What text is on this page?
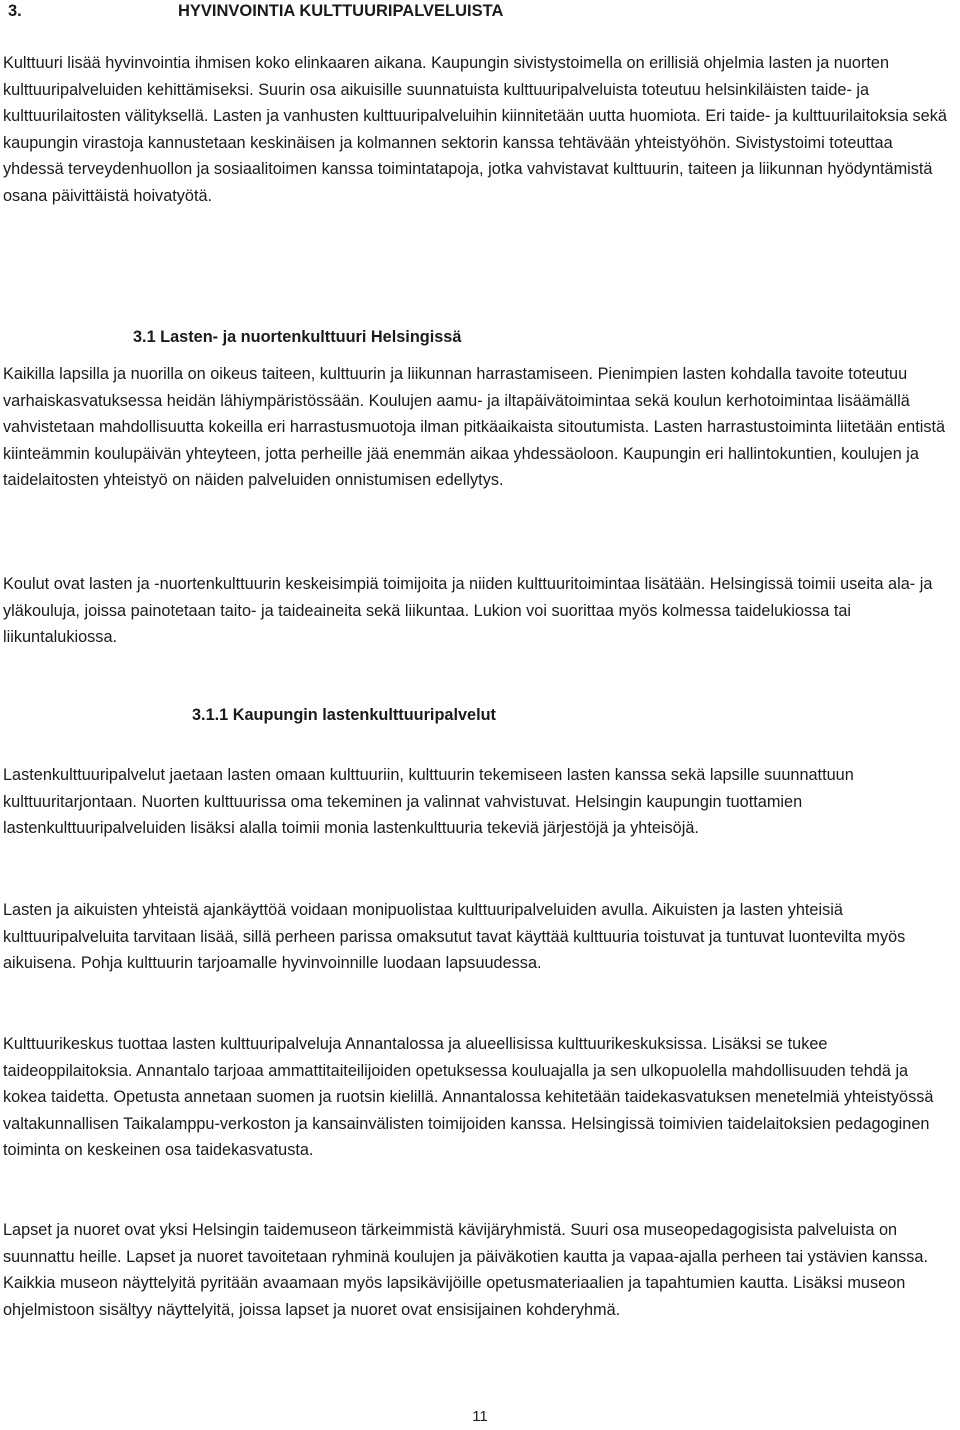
3.	HYVINVOINTIA KULTTUURIPALVELUISTA

Kulttuuri lisää hyvinvointia ihmisen koko elinkaaren aikana. Kaupungin sivistystoimella on erillisiä ohjelmia lasten ja nuorten kulttuuripalveluiden kehittämiseksi. Suurin osa aikuisille suunnatuista kulttuuripalveluista toteutuu helsinkiläisten taide- ja kulttuurilaitosten välityksellä. Lasten ja vanhusten kulttuuripalveluihin kiinnitetään uutta huomiota. Eri taide- ja kulttuurilaitoksia sekä kaupungin virastoja kannustetaan keskinäisen ja kolmannen sektorin kanssa tehtävään yhteistyöhön. Sivistystoimi toteuttaa yhdessä terveydenhuollon ja sosiaalitoimen kanssa toimintatapoja, jotka vahvistavat kulttuurin, taiteen ja liikunnan hyödyntämistä osana päivittäistä hoivatyötä.

3.1 Lasten- ja nuortenkulttuuri Helsingissä

Kaikilla lapsilla ja nuorilla on oikeus taiteen, kulttuurin ja liikunnan harrastamiseen. Pienimpien lasten kohdalla tavoite toteutuu varhaiskasvatuksessa heidän lähiympäristössään. Koulujen aamu- ja iltapäivätoimintaa sekä koulun kerhotoimintaa lisäämällä vahvistetaan mahdollisuutta kokeilla eri harrastusmuotoja ilman pitkäaikaista sitoutumista. Lasten harrastustoiminta liitetään entistä kiinteämmin koulupäivän yhteyteen, jotta perheille jää enemmän aikaa yhdessäoloon. Kaupungin eri hallintokuntien, koulujen ja taidelaitosten yhteistyö on näiden palveluiden onnistumisen edellytys.

Koulut ovat lasten ja -nuortenkulttuurin keskeisimpiä toimijoita ja niiden kulttuuritoimintaa lisätään. Helsingissä toimii useita ala- ja yläkouluja, joissa painotetaan taito- ja taideaineita sekä liikuntaa. Lukion voi suorittaa myös kolmessa taidelukiossa tai liikuntalukiossa.

3.1.1 Kaupungin lastenkulttuuripalvelut

Lastenkulttuuripalvelut jaetaan lasten omaan kulttuuriin, kulttuurin tekemiseen lasten kanssa sekä lapsille suunnattuun kulttuuritarjontaan. Nuorten kulttuurissa oma tekeminen ja valinnat vahvistuvat. Helsingin kaupungin tuottamien lastenkulttuuripalveluiden lisäksi alalla toimii monia lastenkulttuuria tekeviä järjestöjä ja yhteisöjä.

Lasten ja aikuisten yhteistä ajankäyttöä voidaan monipuolistaa kulttuuripalveluiden avulla. Aikuisten ja lasten yhteisiä kulttuuripalveluita tarvitaan lisää, sillä perheen parissa omaksutut tavat käyttää kulttuuria toistuvat ja tuntuvat luontevilta myös aikuisena. Pohja kulttuurin tarjoamalle hyvinvoinnille luodaan lapsuudessa.

Kulttuurikeskus tuottaa lasten kulttuuripalveluja Annantalossa ja alueellisissa kulttuurikeskuksissa. Lisäksi se tukee taideoppilaitoksia. Annantalo tarjoaa ammattitaiteilijoiden opetuksessa kouluajalla ja sen ulkopuolella mahdollisuuden tehdä ja kokea taidetta. Opetusta annetaan suomen ja ruotsin kielillä. Annantalossa kehitetään taidekasvatuksen menetelmiä yhteistyössä valtakunnallisen Taikalamppu-verkoston ja kansainvälisten toimijoiden kanssa. Helsingissä toimivien taidelaitoksien pedagoginen toiminta on keskeinen osa taidekasvatusta.

Lapset ja nuoret ovat yksi Helsingin taidemuseon tärkeimmistä kävijäryhmistä. Suuri osa museopedagogisista palveluista on suunnattu heille. Lapset ja nuoret tavoitetaan ryhminä koulujen ja päiväkotien kautta ja vapaa-ajalla perheen tai ystävien kanssa. Kaikkia museon näyttelyitä pyritään avaamaan myös lapsikävijöille opetusmateriaalien ja tapahtumien kautta. Lisäksi museon ohjelmistoon sisältyy näyttelyitä, joissa lapset ja nuoret ovat ensisijainen kohderyhmä.

11
